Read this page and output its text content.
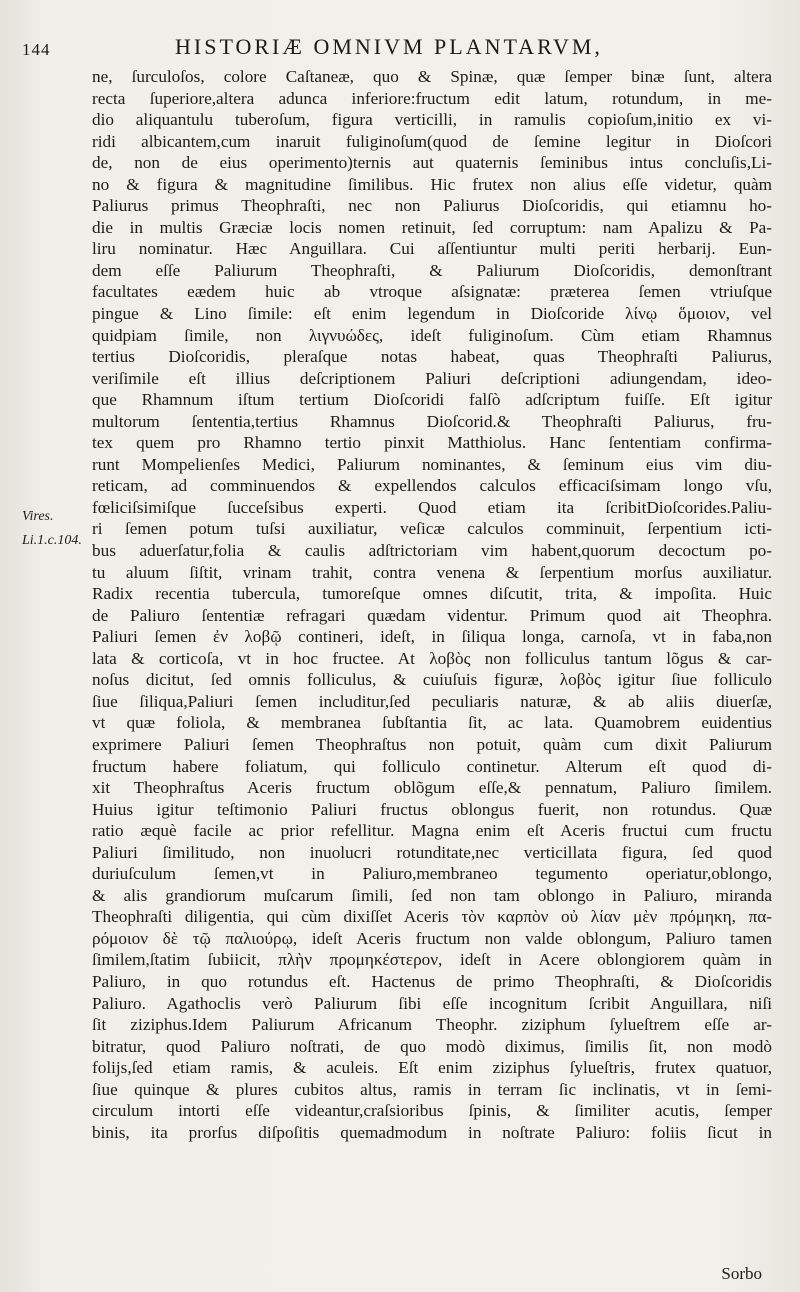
144	HISTORIÆ OMNIVM PLANTARVM,
Vires.
Li.1.c.104.
ne, ſurculoſos, colore Caſtaneæ, quo & Spinæ, quæ ſemper binæ ſunt, altera
recta ſuperiore,altera adunca inferiore:fructum edit latum, rotundum, in me-
dio aliquantulu tuberoſum, figura verticilli, in ramulis copioſum,initio ex vi-
ridi albicantem,cum inaruit fuliginoſum(quod de ſemine legitur in Dioſcori
de, non de eius operimento)ternis aut quaternis ſeminibus intus concluſis,Li-
no & figura & magnitudine ſimilibus. Hic frutex non alius eſſe videtur, quàm
Paliurus primus Theophraſti, nec non Paliurus Dioſcoridis, qui etiamnu ho-
die in multis Græciæ locis nomen retinuit, ſed corruptum: nam Apalizu & Pa-
liru nominatur. Hæc Anguillara. Cui aſſentiuntur multi periti herbarij. Eun-
dem eſſe Paliurum Theophraſti, & Paliurum Dioſcoridis, demonſtrant
facultates eædem huic ab vtroque aſsignatæ: præterea ſemen vtriuſque
pingue & Lino ſimile: eſt enim legendum in Dioſcoride λίνῳ ὅμοιον, vel
quidpiam ſimile, non λιγνυώδες, ideſt fuliginoſum. Cùm etiam Rhamnus
tertius Dioſcoridis, pleraſque notas habeat, quas Theophraſti Paliurus,
veriſimile eſt illius deſcriptionem Paliuri deſcriptioni adiungendam, ideo-
que Rhamnum iſtum tertium Dioſcoridi falſò adſcriptum fuiſſe. Eſt igitur
multorum ſententia,tertius Rhamnus Dioſcorid.& Theophraſti Paliurus, fru-
tex quem pro Rhamno tertio pinxit Matthiolus. Hanc ſententiam confirma-
runt Mompelienſes Medici, Paliurum nominantes, & ſeminum eius vim diu-
reticam, ad comminuendos & expellendos calculos efficaciſsimam longo vſu,
fœliciſsimiſque ſucceſsibus experti. Quod etiam ita ſcribitDioſcorides.Paliu-
ri ſemen potum tuſsi auxiliatur, veſicæ calculos comminuit, ſerpentium icti-
bus aduerſatur,folia & caulis adſtrictoriam vim habent,quorum decoctum po-
tu aluum ſiſtit, vrinam trahit, contra venena & ſerpentium morſus auxiliatur.
Radix recentia tubercula, tumoreſque omnes diſcutit, trita, & impoſita. Huic
de Paliuro ſententiæ refragari quædam videntur. Primum quod ait Theophra.
Paliuri ſemen ἐν λοβῷ contineri, ideſt, in ſiliqua longa, carnoſa, vt in faba,non
lata & corticoſa, vt in hoc fructee. At λοβὸς non folliculus tantum lõgus & car-
noſus dicitut, ſed omnis folliculus, & cuiuſuis figuræ, λοβὸς igitur ſiue folliculo
ſiue ſiliqua,Paliuri ſemen includitur,ſed peculiaris naturæ, & ab aliis diuerſæ,
vt quæ foliola, & membranea ſubſtantia ſit, ac lata. Quamobrem euidentius
exprimere Paliuri ſemen Theophraſtus non potuit, quàm cum dixit Paliurum
fructum habere foliatum, qui folliculo continetur. Alterum eſt quod di-
xit Theophraſtus Aceris fructum oblõgum eſſe,& pennatum, Paliuro ſimilem.
Huius igitur teſtimonio Paliuri fructus oblongus fuerit, non rotundus. Quæ
ratio æquè facile ac prior refellitur. Magna enim eſt Aceris fructui cum fructu
Paliuri ſimilitudo, non inuolucri rotunditate,nec verticillata figura, ſed quod
duriuſculum ſemen,vt in Paliuro,membraneo tegumento operiatur,oblongo,
& alis grandiorum muſcarum ſimili, ſed non tam oblongo in Paliuro, miranda
Theophraſti diligentia, qui cùm dixiſſet Aceris τὸν καρπὸν οὐ λίαν μὲν πρόμηκη, πα-
ρόμοιον δὲ τῷ παλιούρῳ, ideſt Aceris fructum non valde oblongum, Paliuro tamen
ſimilem,ſtatim ſubiicit, πλὴν προμηκέστερον, ideſt in Acere oblongiorem quàm in
Paliuro, in quo rotundus eſt. Hactenus de primo Theophraſti, & Dioſcoridis
Paliuro. Agathoclis verò Paliurum ſibi eſſe incognitum ſcribit Anguillara, niſi
ſit ziziphus.Idem Paliurum Africanum Theophr. ziziphum ſylueſtrem eſſe ar-
bitratur, quod Paliuro noſtrati, de quo modò diximus, ſimilis ſit, non modò
folijs,ſed etiam ramis, & aculeis. Eſt enim ziziphus ſylueſtris, frutex quatuor,
ſiue quinque & plures cubitos altus, ramis in terram ſic inclinatis, vt in ſemi-
circulum intorti eſſe videantur,craſsioribus ſpinis, & ſimiliter acutis, ſemper
binis, ita prorſus diſpoſitis quemadmodum in noſtrate Paliuro: foliis ſicut in
Sorbo
